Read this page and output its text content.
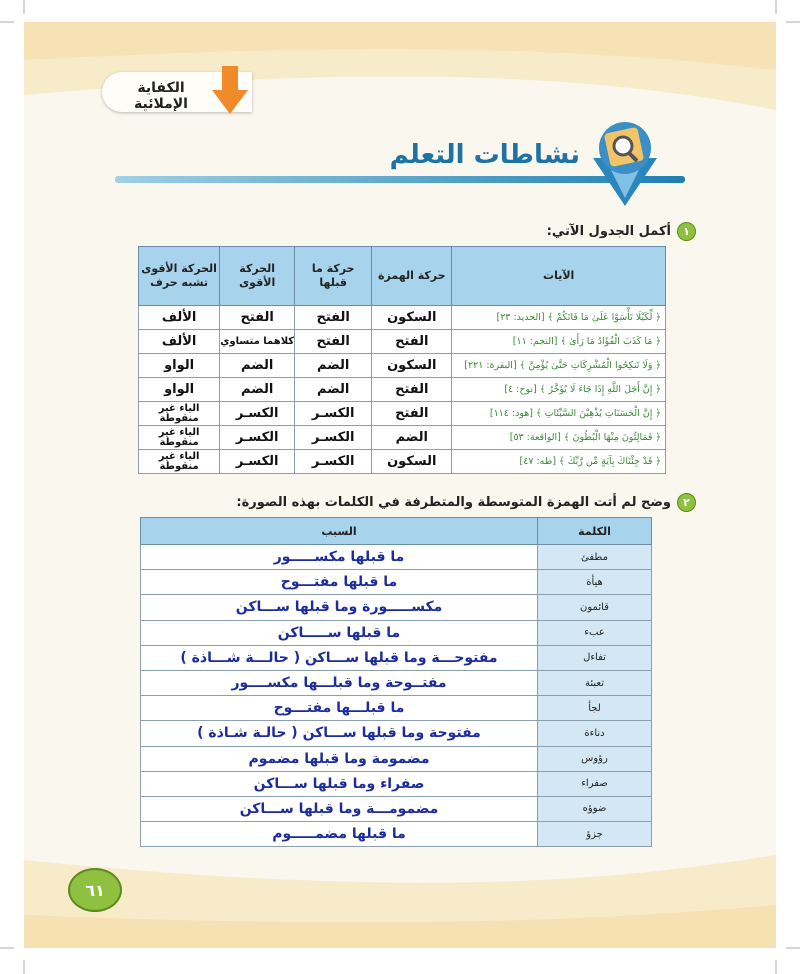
الكفاية الإملائية
نشاطات التعلم
١
أكمل الجدول الآتي:
الآيات	حركة الهمزة	حركة ما قبلها	الحركة الأقوى	الحركة الأقوى تشبه حرف
﴿ لِّكَيْلَا تَأْسَوْا عَلَىٰ مَا فَاتَكُمْ ﴾ [الحديد: ٢٣]	السكون	الفتح	الفتح	الألف
﴿ مَا كَذَبَ الْفُؤَادُ مَا رَأَىٰ ﴾ [النجم: ١١]	الفتح	الفتح	كلاهما متساوي	الألف
﴿ وَلَا تَنكِحُوا الْمُشْرِكَاتِ حَتَّىٰ يُؤْمِنَّ ﴾ [البقرة: ٢٢١]	السكون	الضم	الضم	الواو
﴿ إِنَّ أَجَلَ اللَّهِ إِذَا جَاءَ لَا يُؤَخَّرُ ﴾ [نوح: ٤]	الفتح	الضم	الضم	الواو
﴿ إِنَّ الْحَسَنَاتِ يُذْهِبْنَ السَّيِّئَاتِ ﴾ [هود: ١١٤]	الفتح	الكسـر	الكسـر	الياء غير منقوطة
﴿ فَمَالِئُونَ مِنْهَا الْبُطُونَ ﴾ [الواقعة: ٥٣]	الضم	الكسـر	الكسـر	الياء غير منقوطة
﴿ قَدْ جِئْنَاكَ بِآيَةٍ مِّن رَّبِّكَ ﴾ [طه: ٤٧]	السكون	الكسـر	الكسـر	الياء غير منقوطة
٢
وضح لم أتت الهمزة المتوسطة والمتطرفة في الكلمات بهذه الصورة:
الكلمة	السبب
مطفئ	ما قبلها مكســـــور
هيأة	ما قبلها مفتـــوح
قائمون	مكســـــورة وما قبلها ســـاكن
عبء	ما قبلها ســـــاكن
تفاءل	مفتوحـــة وما قبلها ســـاكن ( حالـــة شـــاذة )
تعبئة	مفتــوحة وما قبلـــها مكســــور
لجأ	ما قبلـــها مفتـــوح
دناءة	مفتوحة وما قبلها ســـاكن ( حالـة شـاذة )
رؤوس	مضمومة وما قبلها مضموم
صفراء	صفراء وما قبلها ســـاكن
ضوؤه	مضمومـــة وما قبلها ســـاكن
جزؤ	ما قبلها مضمـــــوم
٦١
